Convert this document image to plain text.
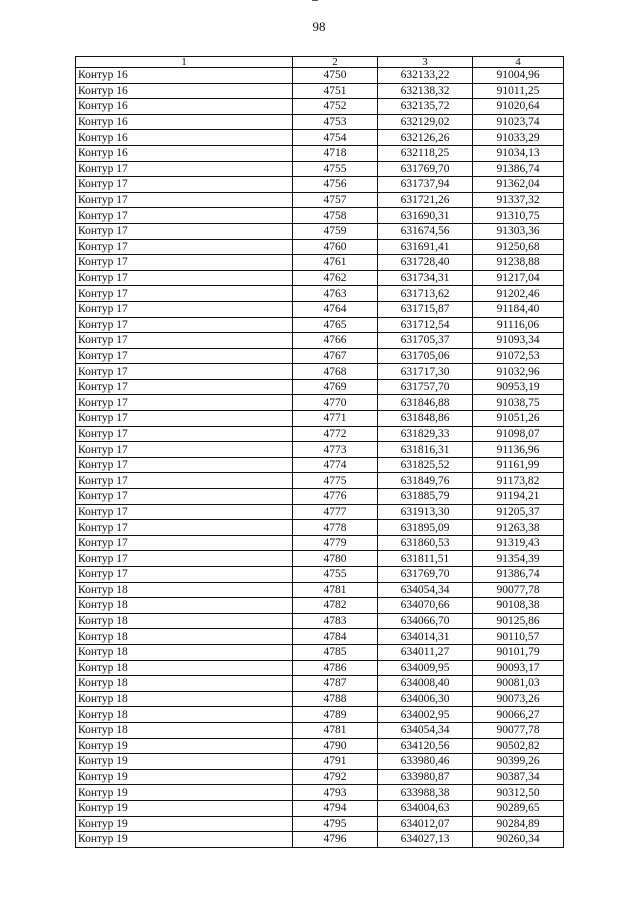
98
1	2	3	4
Контур 16	4750	632133,22	91004,96
Контур 16	4751	632138,32	91011,25
Контур 16	4752	632135,72	91020,64
Контур 16	4753	632129,02	91023,74
Контур 16	4754	632126,26	91033,29
Контур 16	4718	632118,25	91034,13
Контур 17	4755	631769,70	91386,74
Контур 17	4756	631737,94	91362,04
Контур 17	4757	631721,26	91337,32
Контур 17	4758	631690,31	91310,75
Контур 17	4759	631674,56	91303,36
Контур 17	4760	631691,41	91250,68
Контур 17	4761	631728,40	91238,88
Контур 17	4762	631734,31	91217,04
Контур 17	4763	631713,62	91202,46
Контур 17	4764	631715,87	91184,40
Контур 17	4765	631712,54	91116,06
Контур 17	4766	631705,37	91093,34
Контур 17	4767	631705,06	91072,53
Контур 17	4768	631717,30	91032,96
Контур 17	4769	631757,70	90953,19
Контур 17	4770	631846,88	91038,75
Контур 17	4771	631848,86	91051,26
Контур 17	4772	631829,33	91098,07
Контур 17	4773	631816,31	91136,96
Контур 17	4774	631825,52	91161,99
Контур 17	4775	631849,76	91173,82
Контур 17	4776	631885,79	91194,21
Контур 17	4777	631913,30	91205,37
Контур 17	4778	631895,09	91263,38
Контур 17	4779	631860,53	91319,43
Контур 17	4780	631811,51	91354,39
Контур 17	4755	631769,70	91386,74
Контур 18	4781	634054,34	90077,78
Контур 18	4782	634070,66	90108,38
Контур 18	4783	634066,70	90125,86
Контур 18	4784	634014,31	90110,57
Контур 18	4785	634011,27	90101,79
Контур 18	4786	634009,95	90093,17
Контур 18	4787	634008,40	90081,03
Контур 18	4788	634006,30	90073,26
Контур 18	4789	634002,95	90066,27
Контур 18	4781	634054,34	90077,78
Контур 19	4790	634120,56	90502,82
Контур 19	4791	633980,46	90399,26
Контур 19	4792	633980,87	90387,34
Контур 19	4793	633988,38	90312,50
Контур 19	4794	634004,63	90289,65
Контур 19	4795	634012,07	90284,89
Контур 19	4796	634027,13	90260,34
